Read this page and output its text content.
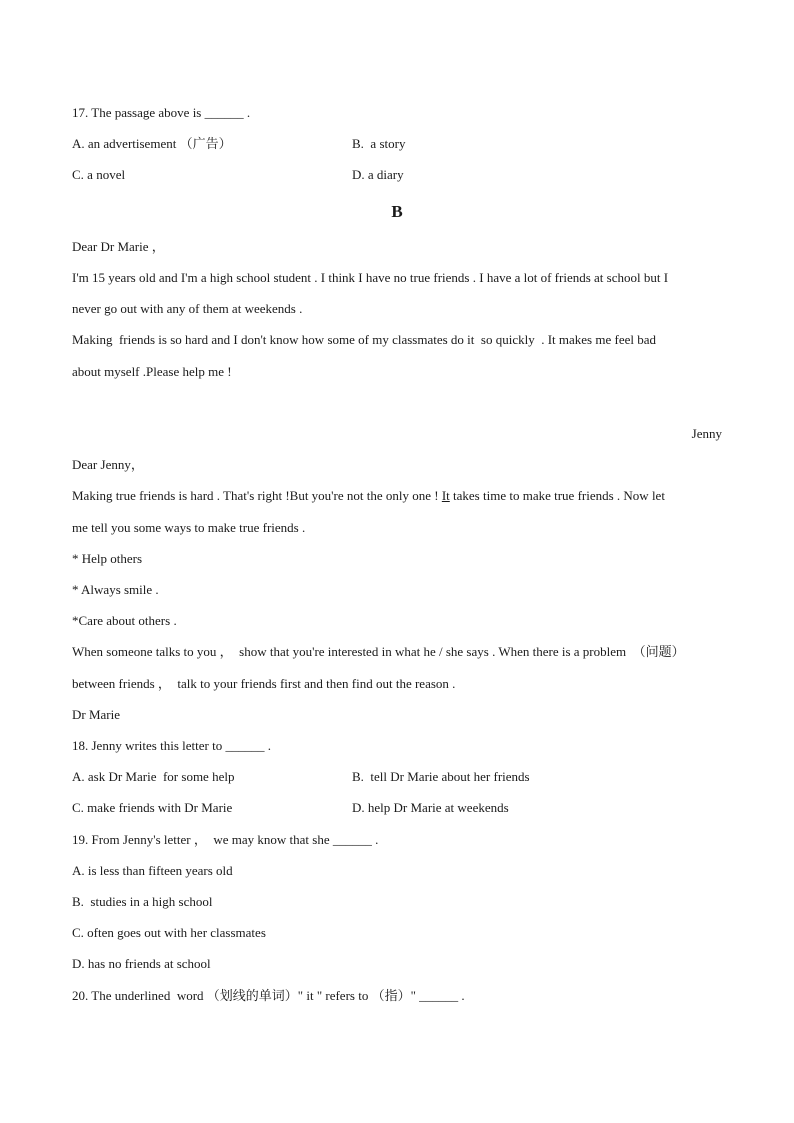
17. The passage above is ______ .
A. an advertisement （广告）	B.  a story
C. a novel	D. a diary
B
Dear Dr Marie ，
I'm 15 years old and I'm a high school student . I think I have no true friends . I have a lot of friends at school but I
never go out with any of them at weekends .
Making  friends is so hard and I don't know how some of my classmates do it  so quickly  . It makes me feel bad
about myself .Please help me !
Jenny
Dear Jenny，
Making true friends is hard . That's right !But you're not the only one ! It takes time to make true friends . Now let
me tell you some ways to make true friends .
* Help others
* Always smile .
*Care about others .
When someone talks to you ，  show that you're interested in what he / she says . When there is a problem  （问题）
between friends ，  talk to your friends first and then find out the reason .
Dr Marie
18. Jenny writes this letter to ______ .
A. ask Dr Marie  for some help	B.  tell Dr Marie about her friends
C. make friends with Dr Marie	D. help Dr Marie at weekends
19. From Jenny's letter ，  we may know that she ______ .
A. is less than fifteen years old
B.  studies in a high school
C. often goes out with her classmates
D. has no friends at school
20. The underlined  word （划线的单词）" it " refers to （指）" ______ .
